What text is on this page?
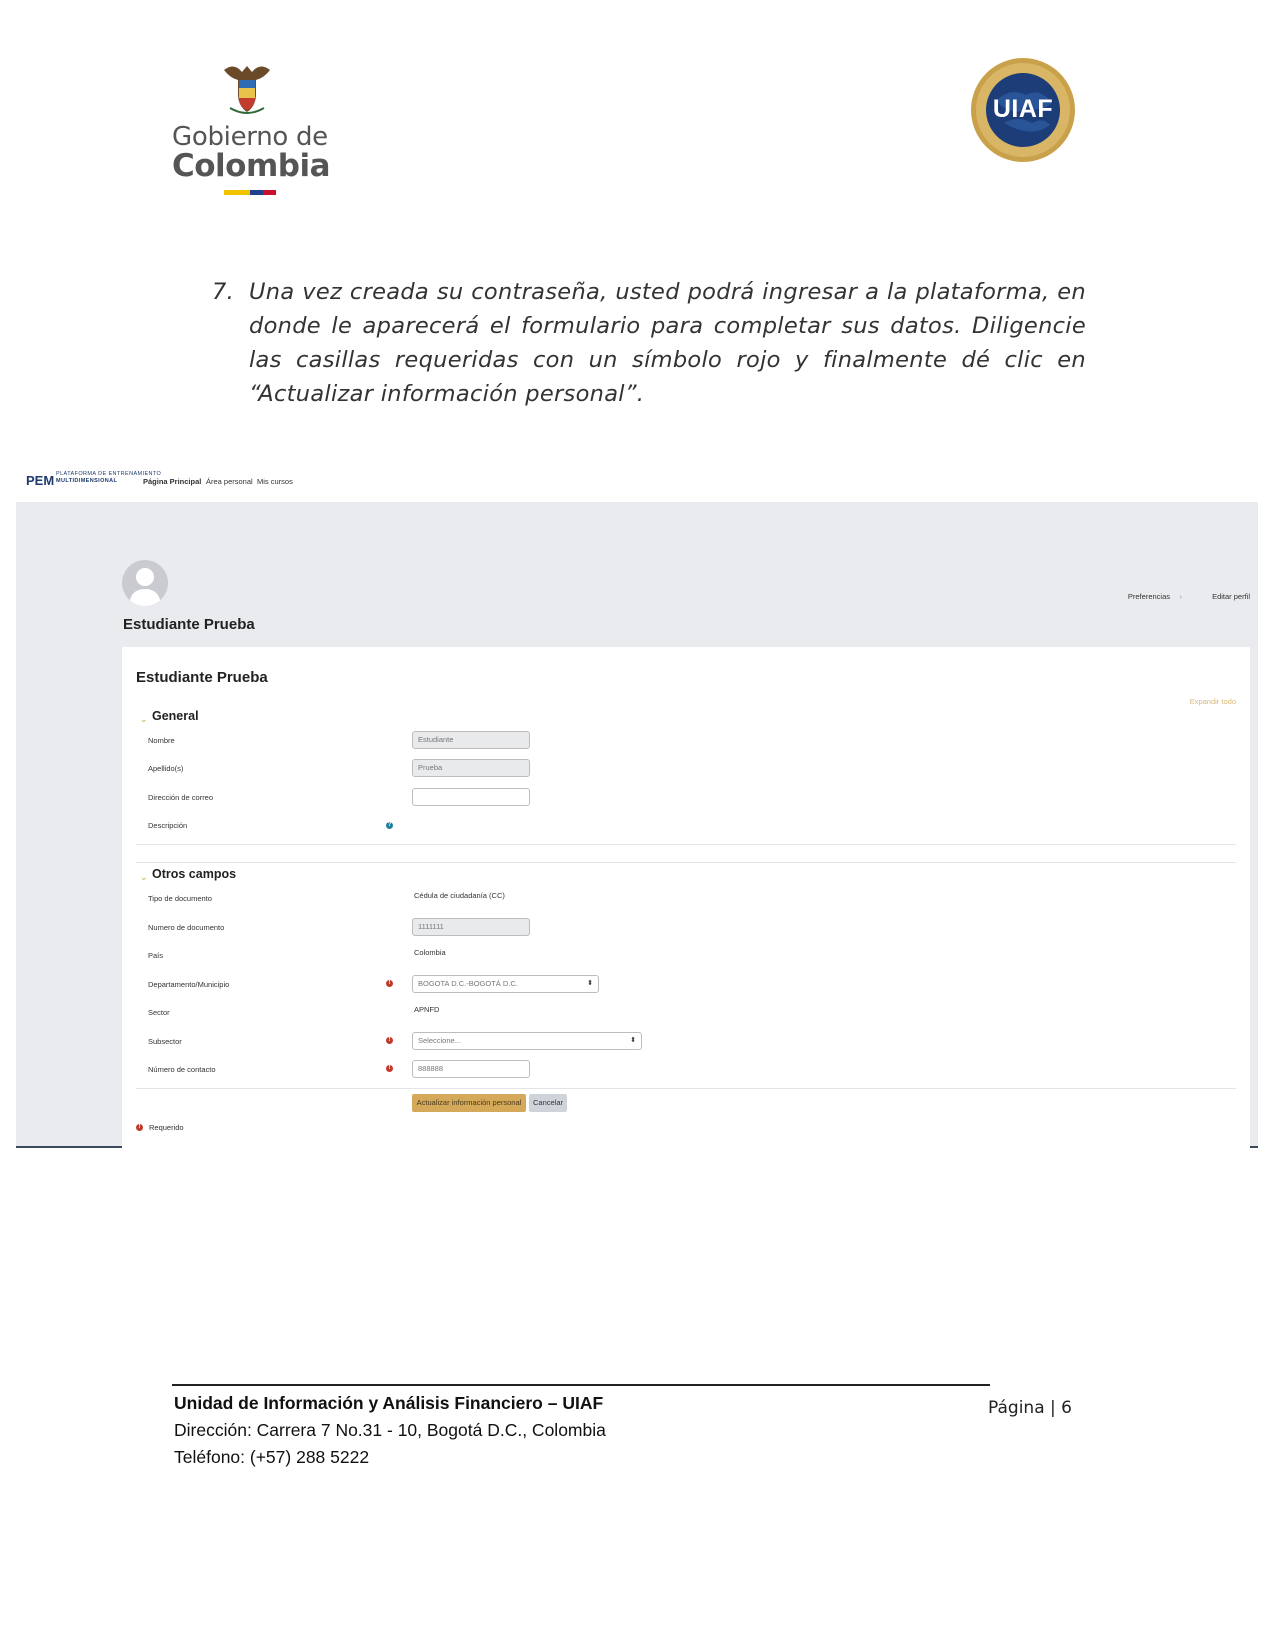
Gobierno de
Colombia
UIAF
7. Una vez creada su contraseña, usted podrá ingresar a la plataforma, en donde le aparecerá el formulario para completar sus datos. Diligencie las casillas requeridas con un símbolo rojo y finalmente dé clic en “Actualizar información personal”.
PEM PLATAFORMA DE ENTRENAMIENTO
MULTIDIMENSIONAL	Página Principal Área personal Mis cursos
Estudiante Prueba
Preferencias ›	Editar perfil
Estudiante Prueba
Expandir todo
⌄ General
Nombre	Estudiante
Apellido(s)	Prueba
Dirección de correo
Descripción	?
⌄ Otros campos
Tipo de documento	Cédula de ciudadanía (CC)
Numero de documento	1111111
País	Colombia
Departamento/Municipio	!	BOGOTA D.C.-BOGOTÁ D.C.	⬍
Sector	APNFD
Subsector	!	Seleccione...	⬍
Número de contacto	!	888888
Actualizar información personal	Cancelar
!	Requerido
Unidad de Información y Análisis Financiero – UIAF
Dirección: Carrera 7 No.31 - 10, Bogotá D.C., Colombia
Teléfono: (+57) 288 5222
Página | 6
